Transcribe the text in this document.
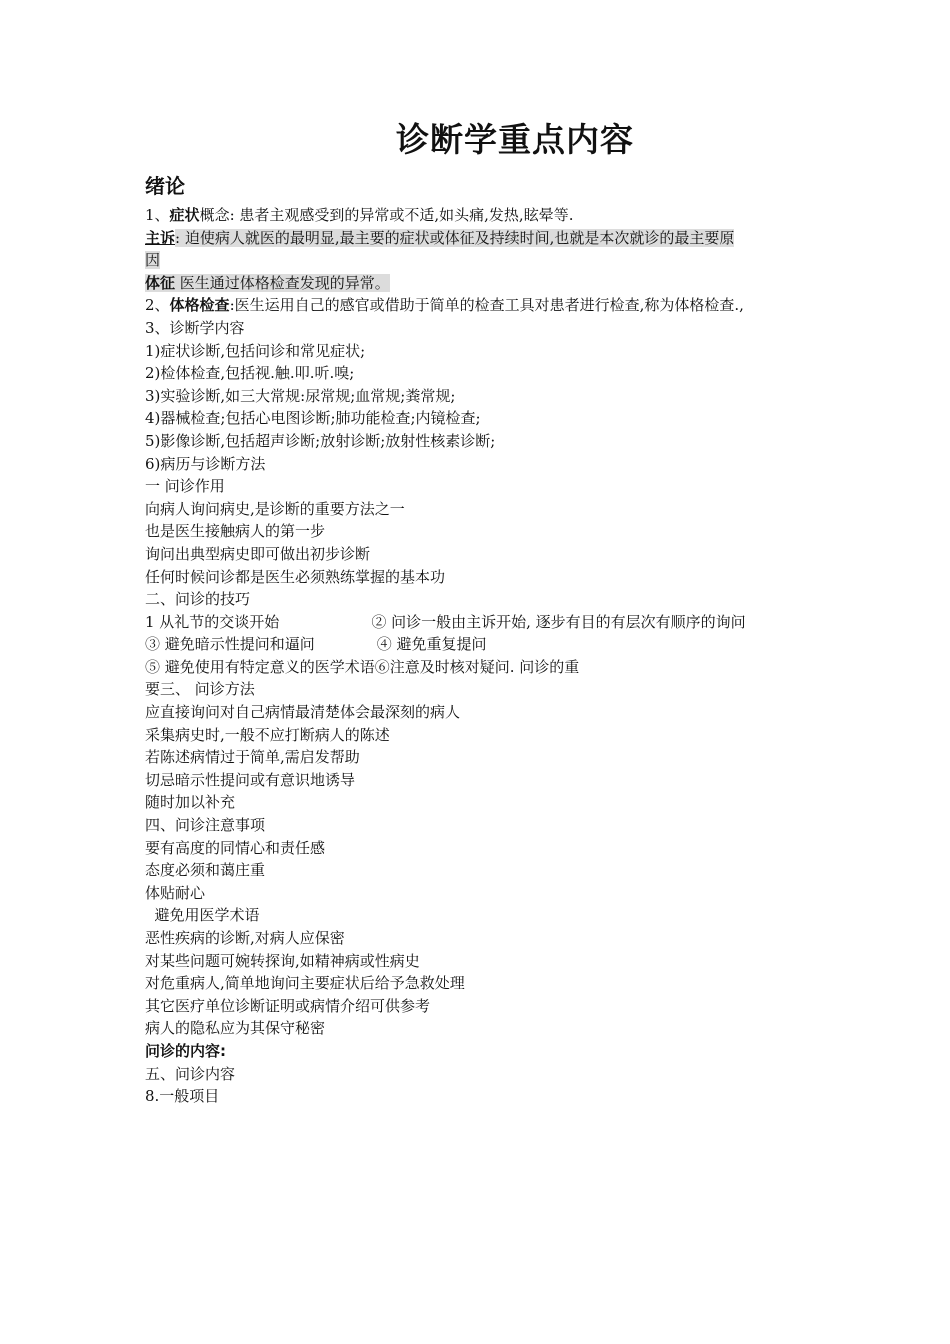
诊断学重点内容
绪论
1、症状概念: 患者主观感受到的异常或不适,如头痛,发热,眩晕等.
主诉: 迫使病人就医的最明显,最主要的症状或体征及持续时间,也就是本次就诊的最主要原
因
体征 医生通过体格检查发现的异常。
2、体格检查:医生运用自己的感官或借助于简单的检查工具对患者进行检查,称为体格检查.,
3、诊断学内容
1)症状诊断,包括问诊和常见症状;
2)检体检查,包括视.触.叩.听.嗅;
3)实验诊断,如三大常规:尿常规;血常规;粪常规;
4)器械检查;包括心电图诊断;肺功能检查;内镜检查;
5)影像诊断,包括超声诊断;放射诊断;放射性核素诊断;
6)病历与诊断方法
一 问诊作用
向病人询问病史,是诊断的重要方法之一
也是医生接触病人的第一步
询问出典型病史即可做出初步诊断
任何时候问诊都是医生必须熟练掌握的基本功
二、问诊的技巧
1 从礼节的交谈开始	② 问诊一般由主诉开始, 逐步有目的有层次有顺序的询问
③ 避免暗示性提问和逼问	④ 避免重复提问
⑤ 避免使用有特定意义的医学术语⑥注意及时核对疑问. 问诊的重
要三、 问诊方法
应直接询问对自己病情最清楚体会最深刻的病人
采集病史时,一般不应打断病人的陈述
若陈述病情过于简单,需启发帮助
切忌暗示性提问或有意识地诱导
随时加以补充
四、问诊注意事项
要有高度的同情心和责任感
态度必须和蔼庄重
体贴耐心
避免用医学术语
恶性疾病的诊断,对病人应保密
对某些问题可婉转探询,如精神病或性病史
对危重病人,简单地询问主要症状后给予急救处理
其它医疗单位诊断证明或病情介绍可供参考
病人的隐私应为其保守秘密
问诊的内容:
五、问诊内容
8.一般项目
